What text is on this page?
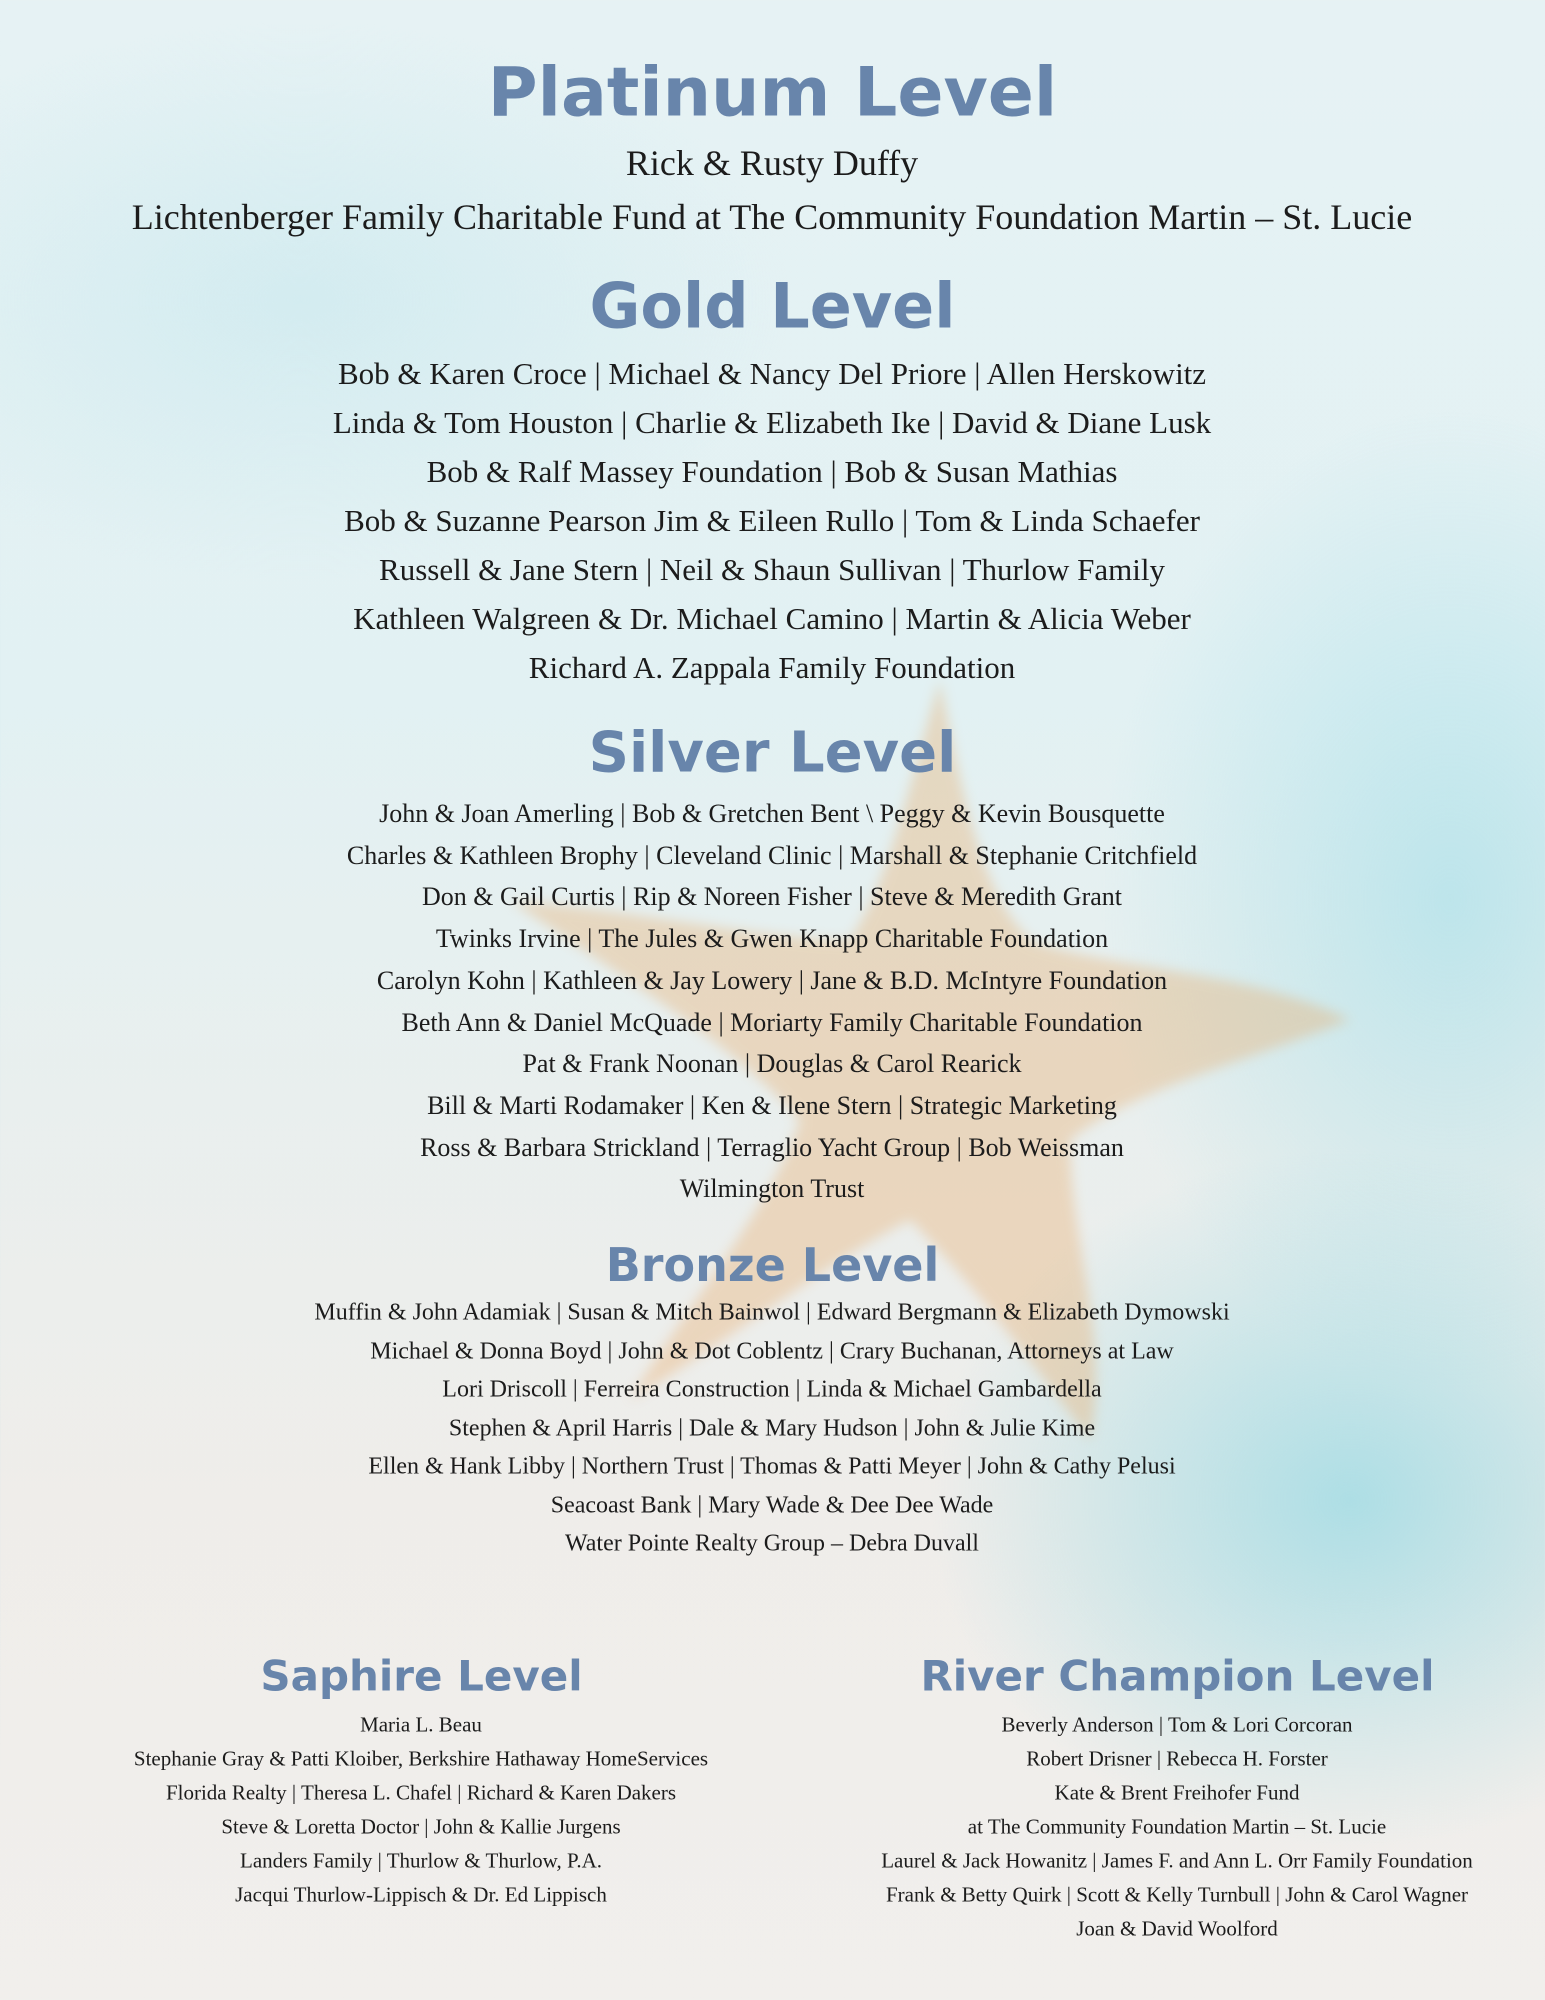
Platinum Level
Rick & Rusty Duffy
Lichtenberger Family Charitable Fund at The Community Foundation Martin – St. Lucie
Gold Level
Bob & Karen Croce | Michael & Nancy Del Priore | Allen Herskowitz
Linda & Tom Houston | Charlie & Elizabeth Ike | David & Diane Lusk
Bob & Ralf Massey Foundation | Bob & Susan Mathias
Bob & Suzanne Pearson Jim & Eileen Rullo | Tom & Linda Schaefer
Russell & Jane Stern | Neil & Shaun Sullivan | Thurlow Family
Kathleen Walgreen & Dr. Michael Camino | Martin & Alicia Weber
Richard A. Zappala Family Foundation
Silver Level
John & Joan Amerling | Bob & Gretchen Bent \ Peggy & Kevin Bousquette
Charles & Kathleen Brophy | Cleveland Clinic | Marshall & Stephanie Critchfield
Don & Gail Curtis | Rip & Noreen Fisher | Steve & Meredith Grant
Twinks Irvine | The Jules & Gwen Knapp Charitable Foundation
Carolyn Kohn | Kathleen & Jay Lowery | Jane & B.D. McIntyre Foundation
Beth Ann & Daniel McQuade | Moriarty Family Charitable Foundation
Pat & Frank Noonan | Douglas & Carol Rearick
Bill & Marti Rodamaker | Ken & Ilene Stern | Strategic Marketing
Ross & Barbara Strickland | Terraglio Yacht Group | Bob Weissman
Wilmington Trust
Bronze Level
Muffin & John Adamiak | Susan & Mitch Bainwol | Edward Bergmann & Elizabeth Dymowski
Michael & Donna Boyd | John & Dot Coblentz | Crary Buchanan, Attorneys at Law
Lori Driscoll | Ferreira Construction | Linda & Michael Gambardella
Stephen & April Harris | Dale & Mary Hudson | John & Julie Kime
Ellen & Hank Libby | Northern Trust | Thomas & Patti Meyer | John & Cathy Pelusi
Seacoast Bank | Mary Wade & Dee Dee Wade
Water Pointe Realty Group – Debra Duvall
Saphire Level
Maria L. Beau
Stephanie Gray & Patti Kloiber, Berkshire Hathaway HomeServices
Florida Realty | Theresa L. Chafel | Richard & Karen Dakers
Steve & Loretta Doctor | John & Kallie Jurgens
Landers Family | Thurlow & Thurlow, P.A.
Jacqui Thurlow-Lippisch & Dr. Ed Lippisch
River Champion Level
Beverly Anderson | Tom & Lori Corcoran
Robert Drisner | Rebecca H. Forster
Kate & Brent Freihofer Fund
at The Community Foundation Martin – St. Lucie
Laurel & Jack Howanitz | James F. and Ann L. Orr Family Foundation
Frank & Betty Quirk | Scott & Kelly Turnbull | John & Carol Wagner
Joan & David Woolford
